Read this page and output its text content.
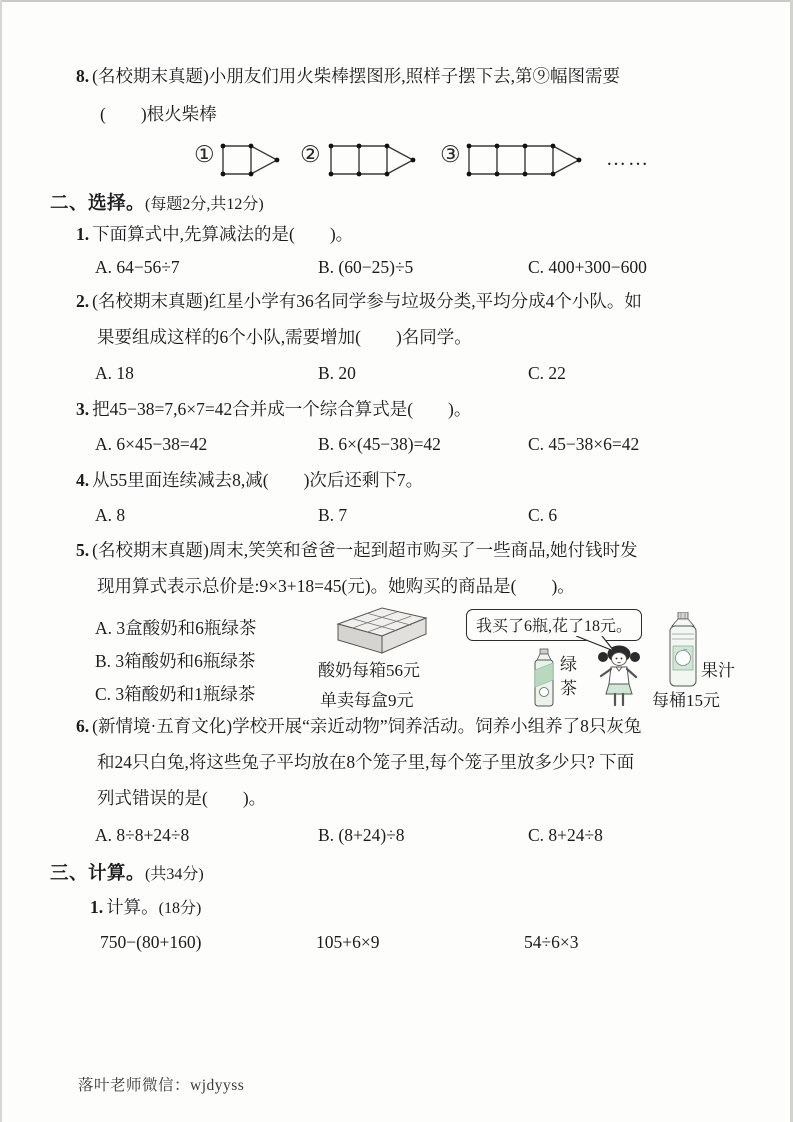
8. (名校期末真题)小朋友们用火柴棒摆图形,照样子摆下去,第⑨幅图需要
(　　)根火柴棒
①	②	③	……
二、选择。(每题2分,共12分)
1. 下面算式中,先算减法的是(　　)。
A. 64−56÷7	B. (60−25)÷5	C. 400+300−600
2. (名校期末真题)红星小学有36名同学参与垃圾分类,平均分成4个小队。如
果要组成这样的6个小队,需要增加(　　)名同学。
A. 18	B. 20	C. 22
3. 把45−38=7,6×7=42合并成一个综合算式是(　　)。
A. 6×45−38=42	B. 6×(45−38)=42	C. 45−38×6=42
4. 从55里面连续减去8,减(　　)次后还剩下7。
A. 8	B. 7	C. 6
5. (名校期末真题)周末,笑笑和爸爸一起到超市购买了一些商品,她付钱时发
现用算式表示总价是:9×3+18=45(元)。她购买的商品是(　　)。
A. 3盒酸奶和6瓶绿茶
B. 3箱酸奶和6瓶绿茶
C. 3箱酸奶和1瓶绿茶
酸奶每箱56元
单卖每盒9元
我买了6瓶,花了18元。
绿茶
果汁
每桶15元
6. (新情境·五育文化)学校开展“亲近动物”饲养活动。饲养小组养了8只灰兔
和24只白兔,将这些兔子平均放在8个笼子里,每个笼子里放多少只? 下面
列式错误的是(　　)。
A. 8÷8+24÷8	B. (8+24)÷8	C. 8+24÷8
三、计算。(共34分)
1. 计算。(18分)
750−(80+160)	105+6×9	54÷6×3
落叶老师微信：wjdyyss
